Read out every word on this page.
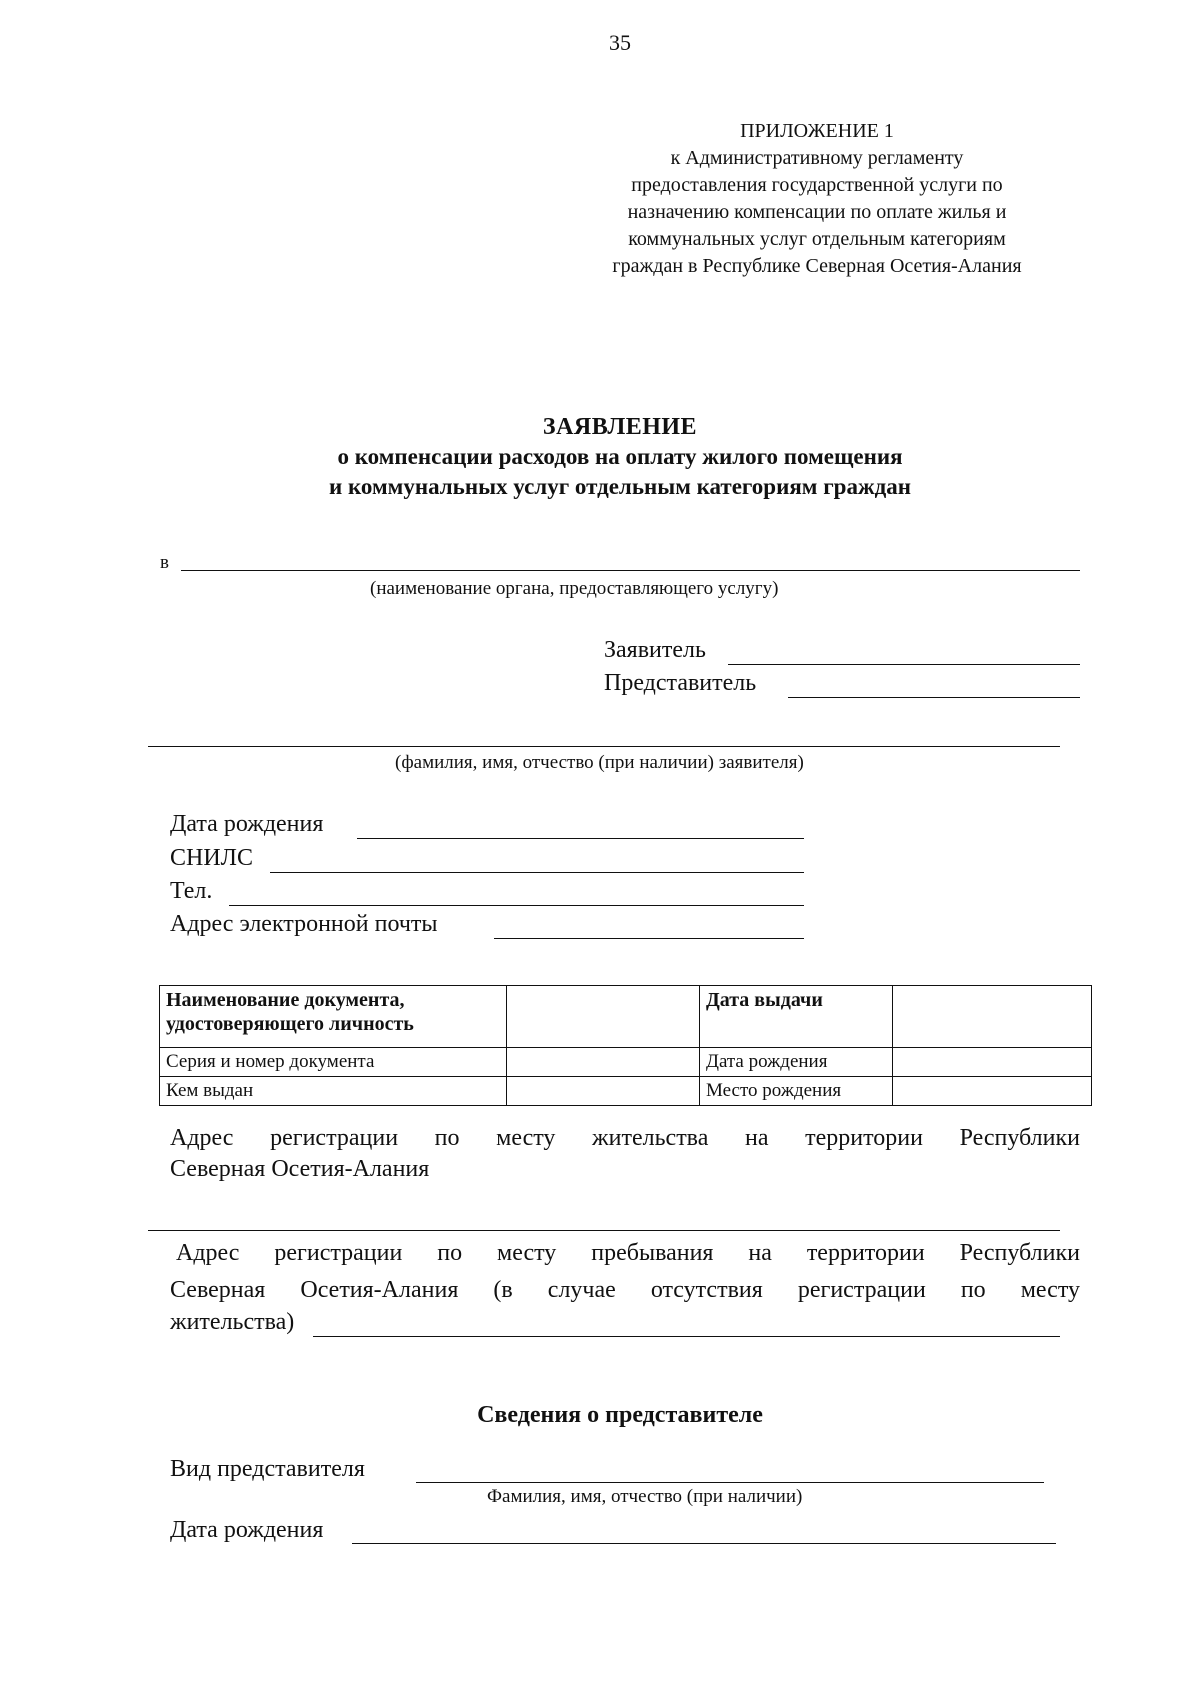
35
ПРИЛОЖЕНИЕ 1
к Административному регламенту
предоставления государственной услуги по
назначению компенсации по оплате жилья и
коммунальных услуг отдельным категориям
граждан в Республике Северная Осетия-Алания
ЗАЯВЛЕНИЕ
о компенсации расходов на оплату жилого помещения
и коммунальных услуг отдельным категориям граждан
в
(наименование органа, предоставляющего услугу)
Заявитель
Представитель
(фамилия, имя, отчество (при наличии) заявителя)
Дата рождения
СНИЛС
Тел.
Адрес электронной почты
Наименование документа, удостоверяющего личность		Дата выдачи	
Серия и номер документа		Дата рождения	
Кем выдан		Место рождения	
Адрес регистрации по месту жительства на территории Республики
Северная Осетия-Алания
Адрес регистрации по месту пребывания на территории Республики
Северная Осетия-Алания (в случае отсутствия регистрации по месту
жительства)
Сведения о представителе
Вид представителя
Фамилия, имя, отчество (при наличии)
Дата рождения
